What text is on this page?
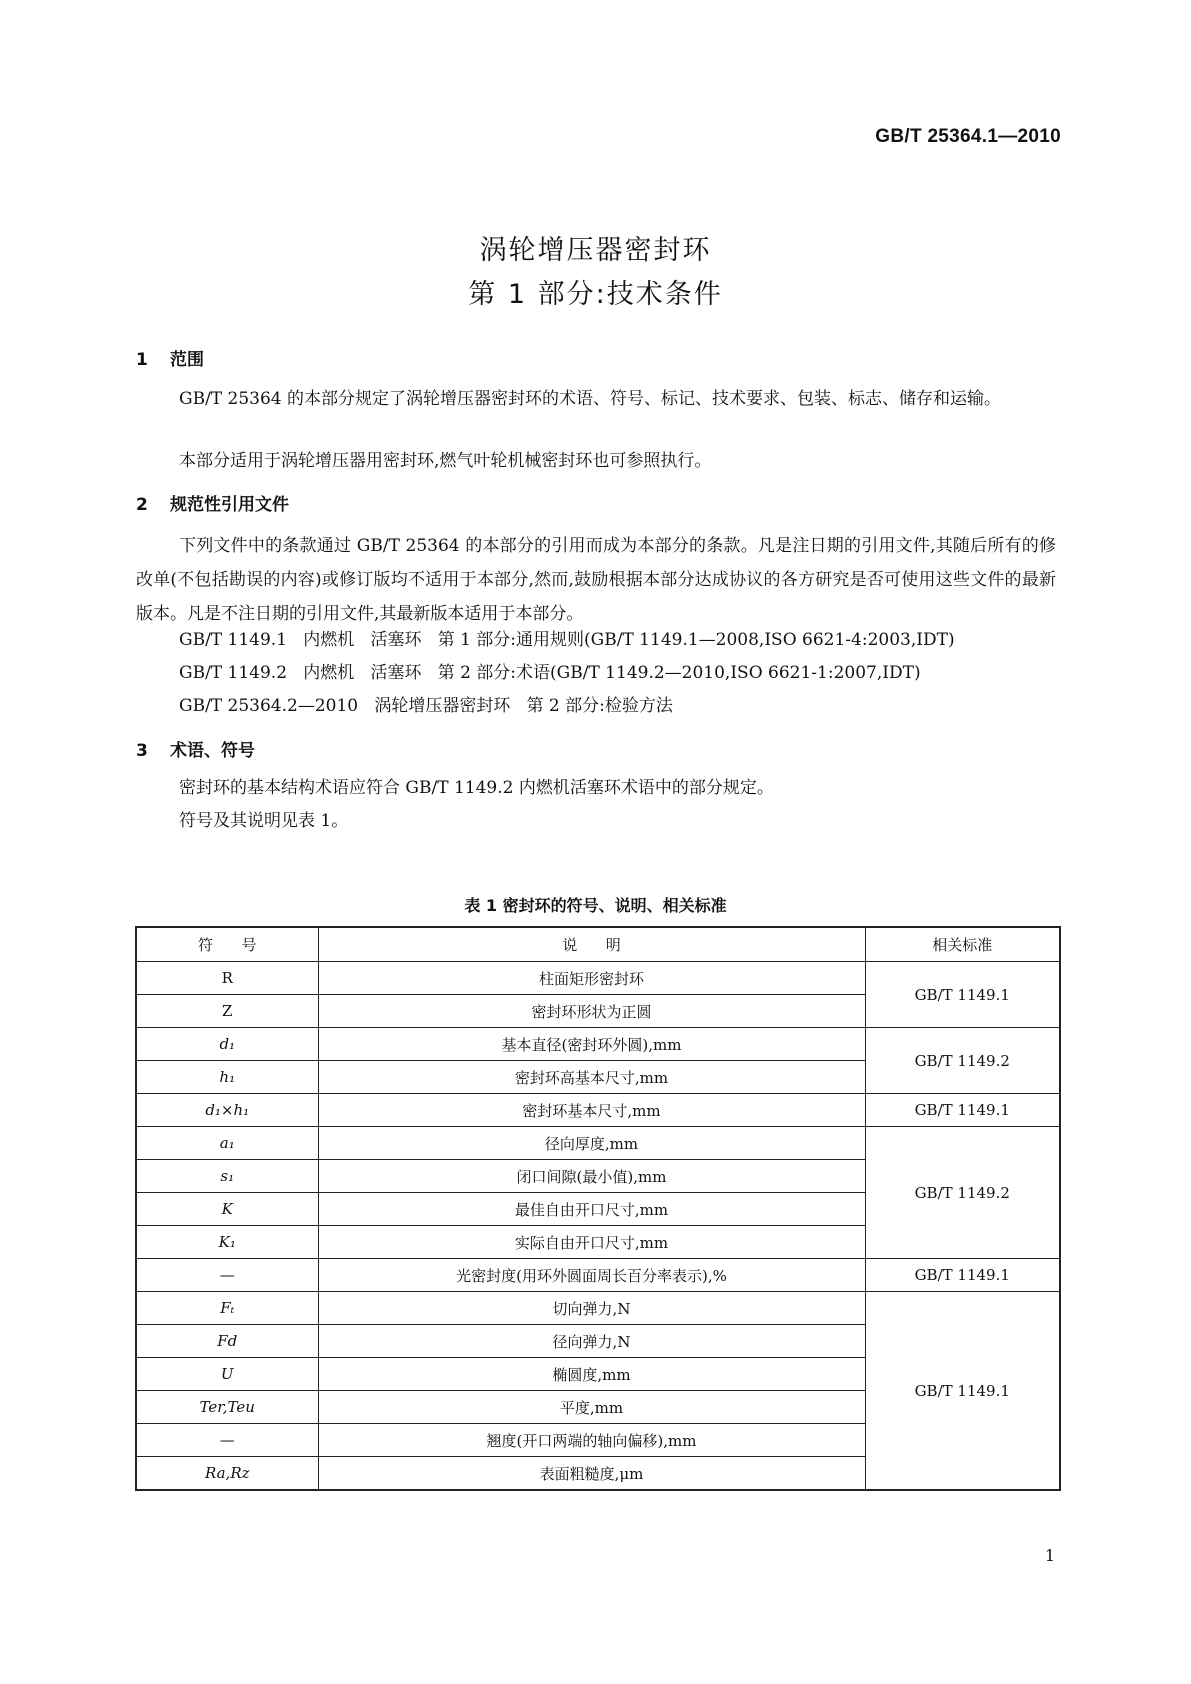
GB/T 25364.1—2010
涡轮增压器密封环
第 1 部分:技术条件
1 范围
GB/T 25364 的本部分规定了涡轮增压器密封环的术语、符号、标记、技术要求、包装、标志、储存和运输。
本部分适用于涡轮增压器用密封环,燃气叶轮机械密封环也可参照执行。
2 规范性引用文件
下列文件中的条款通过 GB/T 25364 的本部分的引用而成为本部分的条款。凡是注日期的引用文件,其随后所有的修改单(不包括勘误的内容)或修订版均不适用于本部分,然而,鼓励根据本部分达成协议的各方研究是否可使用这些文件的最新版本。凡是不注日期的引用文件,其最新版本适用于本部分。
GB/T 1149.1   内燃机   活塞环   第 1 部分:通用规则(GB/T 1149.1—2008,ISO 6621-4:2003,IDT)
GB/T 1149.2   内燃机   活塞环   第 2 部分:术语(GB/T 1149.2—2010,ISO 6621-1:2007,IDT)
GB/T 25364.2—2010   涡轮增压器密封环   第 2 部分:检验方法
3 术语、符号
密封环的基本结构术语应符合 GB/T 1149.2 内燃机活塞环术语中的部分规定。
符号及其说明见表 1。
表 1 密封环的符号、说明、相关标准
符      号	说      明	相关标准
R	柱面矩形密封环	GB/T 1149.1
Z	密封环形状为正圆	
d₁	基本直径(密封环外圆),mm	GB/T 1149.2
h₁	密封环高基本尺寸,mm	
d₁×h₁	密封环基本尺寸,mm	GB/T 1149.1
a₁	径向厚度,mm	GB/T 1149.2
s₁	闭口间隙(最小值),mm	
K	最佳自由开口尺寸,mm	
K₁	实际自由开口尺寸,mm	
—	光密封度(用环外圆面周长百分率表示),%	GB/T 1149.1
Fₜ	切向弹力,N	GB/T 1149.1
Fd	径向弹力,N	
U	椭圆度,mm	
Ter,Teu	平度,mm	
—	翘度(开口两端的轴向偏移),mm	
Ra,Rz	表面粗糙度,μm	
1
